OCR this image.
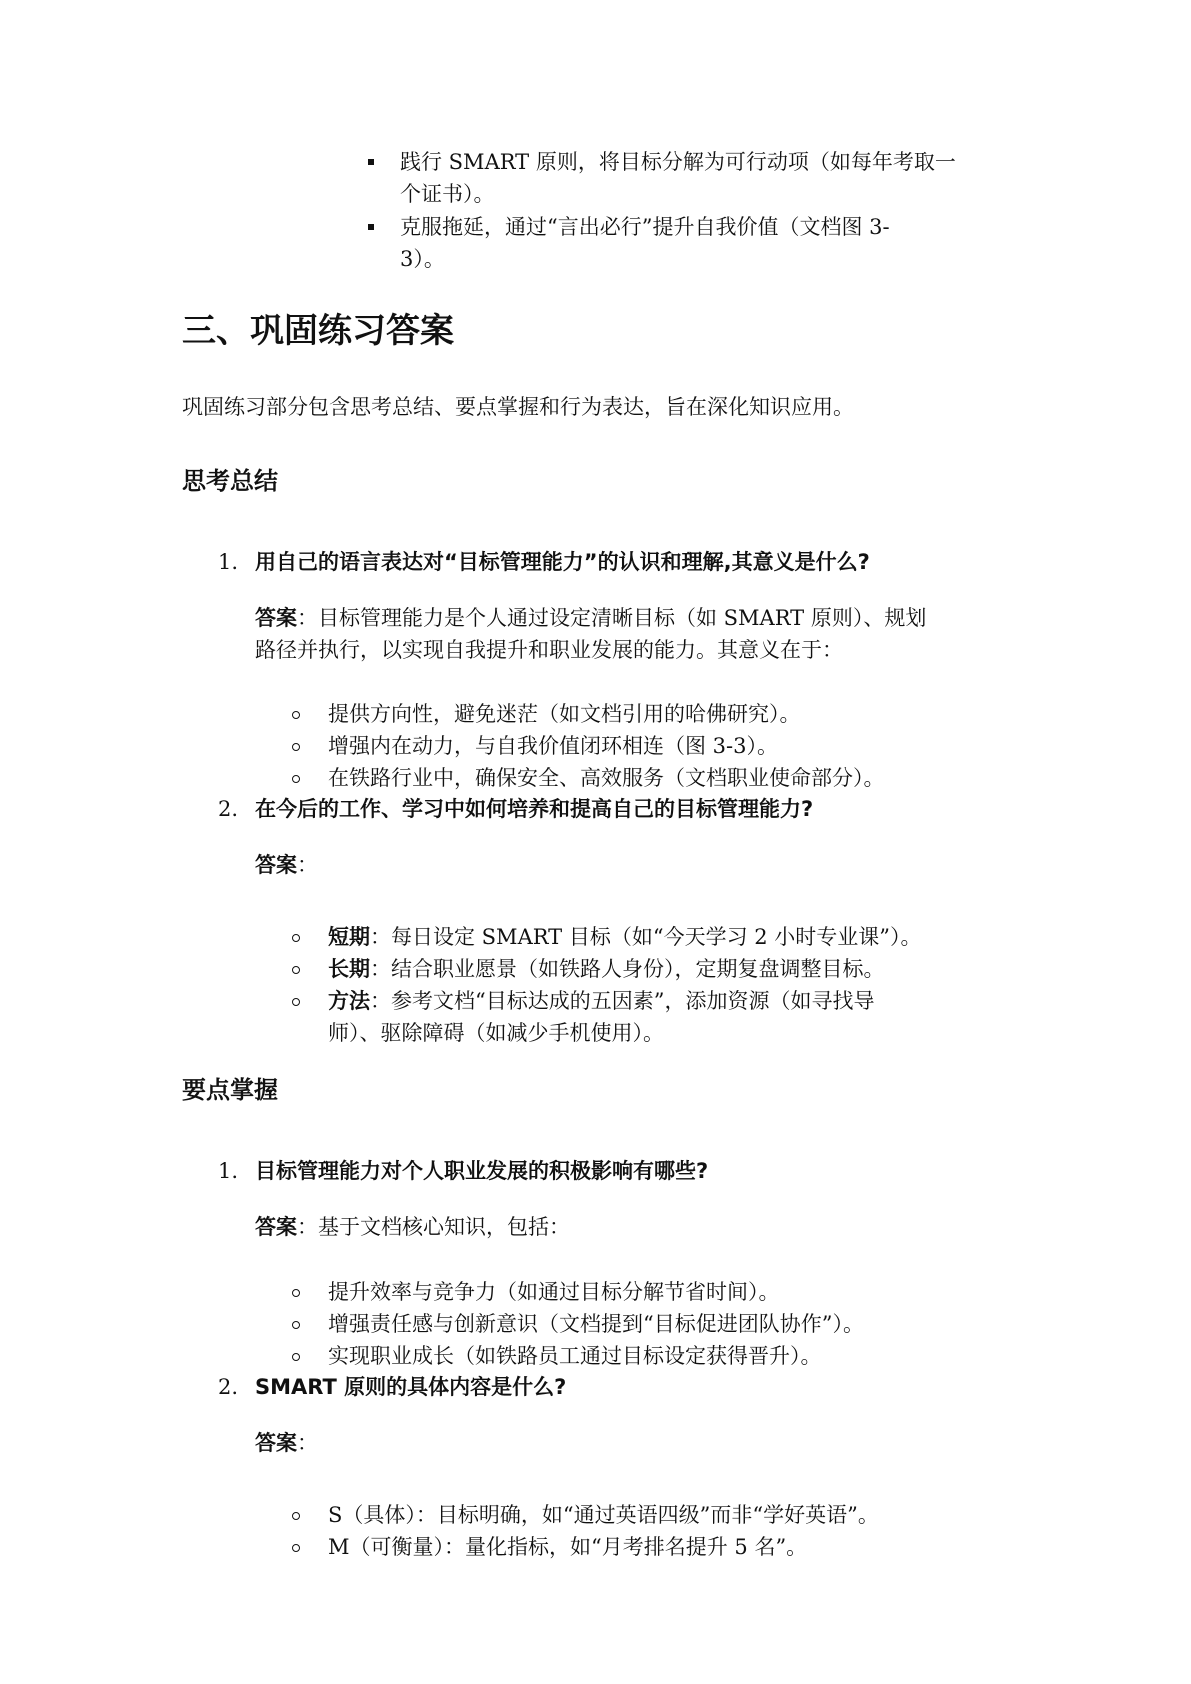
践行 SMART 原则，将目标分解为可行动项（如每年考取一
个证书）。
克服拖延，通过“言出必行”提升自我价值（文档图 3-
3）。
三、巩固练习答案
巩固练习部分包含思考总结、要点掌握和行为表达，旨在深化知识应用。
思考总结
1. 用自己的语言表达对“目标管理能力”的认识和理解,其意义是什么?
答案：目标管理能力是个人通过设定清晰目标（如 SMART 原则）、规划
路径并执行，以实现自我提升和职业发展的能力。其意义在于：
提供方向性，避免迷茫（如文档引用的哈佛研究）。
增强内在动力，与自我价值闭环相连（图 3-3）。
在铁路行业中，确保安全、高效服务（文档职业使命部分）。
2. 在今后的工作、学习中如何培养和提高自己的目标管理能力?
答案：
短期：每日设定 SMART 目标（如“今天学习 2 小时专业课”）。
长期：结合职业愿景（如铁路人身份），定期复盘调整目标。
方法：参考文档“目标达成的五因素”，添加资源（如寻找导
师）、驱除障碍（如减少手机使用）。
要点掌握
1. 目标管理能力对个人职业发展的积极影响有哪些?
答案：基于文档核心知识，包括：
提升效率与竞争力（如通过目标分解节省时间）。
增强责任感与创新意识（文档提到“目标促进团队协作”）。
实现职业成长（如铁路员工通过目标设定获得晋升）。
2. SMART 原则的具体内容是什么?
答案：
S（具体）：目标明确，如“通过英语四级”而非“学好英语”。
M（可衡量）：量化指标，如“月考排名提升 5 名”。
